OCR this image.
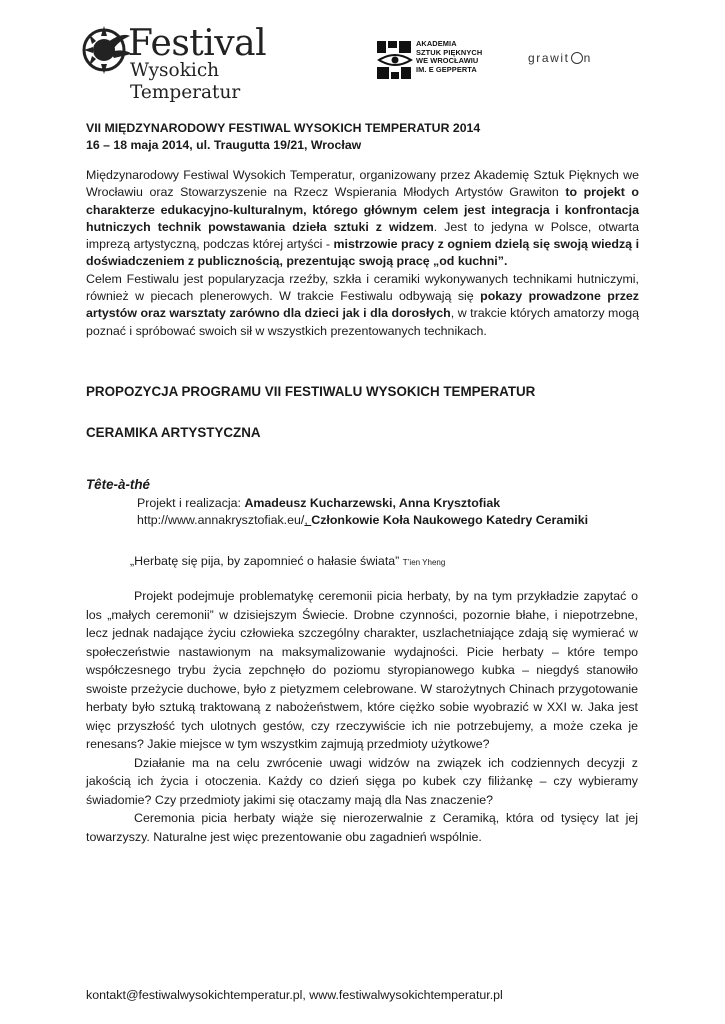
Festival
Wysokich Temperatur
AKADEMIA
SZTUK PIĘKNYCH
WE WROCŁAWIU
IM. E GEPPERTA
grawit n
VII MIĘDZYNARODOWY FESTIWAL WYSOKICH TEMPERATUR 2014
16 – 18 maja 2014, ul. Traugutta 19/21, Wrocław

Międzynarodowy Festiwal Wysokich Temperatur, organizowany przez Akademię Sztuk Pięknych we Wrocławiu oraz Stowarzyszenie na Rzecz Wspierania Młodych Artystów Grawiton to projekt o charakterze edukacyjno-kulturalnym, którego głównym celem jest integracja i konfrontacja hutniczych technik powstawania dzieła sztuki z widzem. Jest to jedyna w Polsce, otwarta imprezą artystyczną, podczas której artyści - mistrzowie pracy z ogniem dzielą się swoją wiedzą i doświadczeniem z publicznością, prezentując swoją pracę „od kuchni”.

Celem Festiwalu jest popularyzacja rzeźby, szkła i ceramiki wykonywanych technikami hutniczymi, również w piecach plenerowych. W trakcie Festiwalu odbywają się pokazy prowadzone przez artystów oraz warsztaty zarówno dla dzieci jak i dla dorosłych, w trakcie których amatorzy mogą poznać i spróbować swoich sił w wszystkich prezentowanych technikach.

PROPOZYCJA PROGRAMU VII FESTIWALU WYSOKICH TEMPERATUR
CERAMIKA ARTYSTYCZNA
Tête-à-thé
Projekt i realizacja: Amadeusz Kucharzewski, Anna Krysztofiak
http://www.annakrysztofiak.eu/, Członkowie Koła Naukowego Katedry Ceramiki
„Herbatę się pija, by zapomnieć o hałasie świata” T’ien Yheng

Projekt podejmuje problematykę ceremonii picia herbaty, by na tym przykładzie zapytać o los „małych ceremonii” w dzisiejszym Świecie. Drobne czynności, pozornie błahe, i niepotrzebne, lecz jednak nadające życiu człowieka szczególny charakter, uszlachetniające zdają się wymierać w społeczeństwie nastawionym na maksymalizowanie wydajności. Picie herbaty – które tempo współczesnego trybu życia zepchnęło do poziomu styropianowego kubka – niegdyś stanowiło swoiste przeżycie duchowe, było z pietyzmem celebrowane. W starożytnych Chinach przygotowanie herbaty było sztuką traktowaną z nabożeństwem, które ciężko sobie wyobrazić w XXI w. Jaka jest więc przyszłość tych ulotnych gestów, czy rzeczywiście ich nie potrzebujemy, a może czeka je renesans? Jakie miejsce w tym wszystkim zajmują przedmioty użytkowe?

Działanie ma na celu zwrócenie uwagi widzów na związek ich codziennych decyzji z jakością ich życia i otoczenia. Każdy co dzień sięga po kubek czy filiżankę – czy wybieramy świadomie? Czy przedmioty jakimi się otaczamy mają dla Nas znaczenie?

Ceremonia picia herbaty wiąże się nierozerwalnie z Ceramiką, która od tysięcy lat jej towarzyszy. Naturalne jest więc prezentowanie obu zagadnień wspólnie.

kontakt@festiwalwysokichtemperatur.pl, www.festiwalwysokichtemperatur.pl
